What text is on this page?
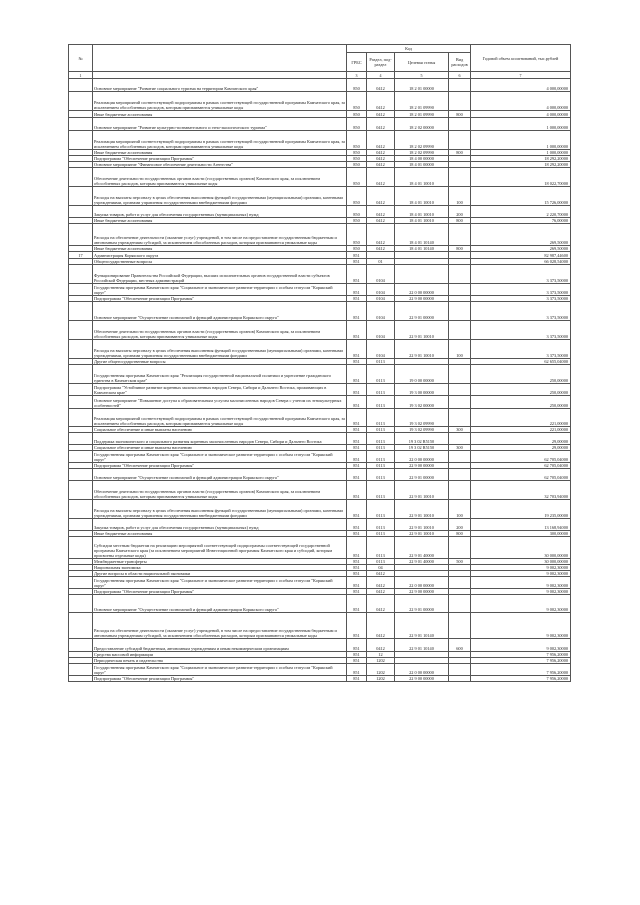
№		Код				Годовой объем ассигнований, тыс.рублей
		ГРБС	Раздел, под-раздел	Целевая статья	Вид расходов	
1		3	4	5	6	7
	Основное мероприятие "Развитие социального туризма на территории Камчатского края"	850	0412	18 2 01 00000		4 000,00000
	Реализация мероприятий соответствующей подпрограммы в рамках соответствующей государственной программы Камчатского края, за исключением обособленных расходов, которым присваиваются уникальные коды	850	0412	18 2 01 09990		4 000,00000
	Иные бюджетные ассигнования	850	0412	18 2 01 09990	800	4 000,00000
	Основное мероприятие "Развитие культурно-познавательного и этно-экологического туризма"	850	0412	18 2 02 00000		1 000,00000
	Реализация мероприятий соответствующей подпрограммы в рамках соответствующей государственной программы Камчатского края, за исключением обособленных расходов, которым присваиваются уникальные коды	850	0412	18 2 02 09990		1 000,00000
	Иные бюджетные ассигнования	850	0412	18 2 02 09990	800	1 000,00000
	Подпрограмма "Обеспечение реализации Программы"	850	0412	18 4 00 00000		18 292,20000
	Основное мероприятие "Финансовое обеспечение деятельности Агентства"	850	0412	18 4 01 00000		18 292,20000
	Обеспечение деятельности государственных органов власти (государственных органов) Камчатского края, за исключением обособленных расходов, которым присваиваются уникальные коды	850	0412	18 4 01 10010		18 022,70000
	Расходы на выплаты персоналу в целях обеспечения выполнения функций государственными (муниципальными) органами, казенными учреждениями, органами управления государственными внебюджетными фондами	850	0412	18 4 01 10010	100	15 726,00000
	Закупка товаров, работ и услуг для обеспечения государственных (муниципальных) нужд	850	0412	18 4 01 10010	200	2 220,70000
	Иные бюджетные ассигнования	850	0412	18 4 01 10010	800	76,00000
	Расходы на обеспечение деятельности (оказание услуг) учреждений, в том числе на предоставление государственным бюджетным и автономным учреждениям субсидий, за исключением обособленных расходов, которым присваиваются уникальные коды	850	0412	18 4 01 10140		269,50000
	Иные бюджетные ассигнования	850	0412	18 4 01 10140	800	269,50000
17	Администрация Корякского округа	851				82 987,44600
	Общегосударственные вопросы	851	01			66 028,54000
	Функционирование Правительства Российской Федерации, высших исполнительных органов государственной власти субъектов Российской Федерации, местных администраций	851	0104			3 373,50000
	Государственная программа Камчатского края "Социальное и экономическое развитие территории с особым статусом "Корякский округ"	851	0104	22 0 00 00000		3 373,50000
	Подпрограмма "Обеспечение реализации Программы"	851	0104	22 9 00 00000		3 373,50000
	Основное мероприятие "Осуществление полномочий и функций администрации Корякского округа"	851	0104	22 9 01 00000		3 373,50000
	Обеспечение деятельности государственных органов власти (государственных органов) Камчатского края, за исключением обособленных расходов, которым присваиваются уникальные коды	851	0104	22 9 01 10010		3 373,50000
	Расходы на выплаты персоналу в целях обеспечения выполнения функций государственными (муниципальными) органами, казенными учреждениями, органами управления государственными внебюджетными фондами	851	0104	22 9 01 10010	100	3 373,50000
	Другие общегосударственные вопросы	851	0113			62 655,04000
	Государственная программа Камчатского края "Реализация государственной национальной политики и укрепление гражданского единства в Камчатском крае"	851	0113	19 0 00 00000		250,00000
	Подпрограмма "Устойчивое развитие коренных малочисленных народов Севера, Сибири и Дальнего Востока, проживающих в Камчатском крае"	851	0113	19 3 00 00000		250,00000
	Основное мероприятие "Повышение доступа к образовательным услугам малочисленных народов Севера с учетом их этнокультурных особенностей"	851	0113	19 3 02 00000		250,00000
	Реализация мероприятий соответствующей подпрограммы в рамках соответствующей государственной программы Камчатского края, за исключением обособленных расходов, которым присваиваются уникальные коды	851	0113	19 3 02 09990		221,00000
	Социальное обеспечение и иные выплаты населению	851	0113	19 3 02 09990	300	221,00000
	Поддержка экономического и социального развития коренных малочисленных народов Севера, Сибири и Дальнего Востока	851	0113	19 3 02 R5150		29,00000
	Социальное обеспечение и иные выплаты населению	851	0113	19 3 02 R5150	300	29,00000
	Государственная программа Камчатского края "Социальное и экономическое развитие территории с особым статусом "Корякский округ"	851	0113	22 0 00 00000		62 705,04000
	Подпрограмма "Обеспечение реализации Программы"	851	0113	22 9 00 00000		62 705,04000
	Основное мероприятие "Осуществление полномочий и функций администрации Корякского округа"	851	0113	22 9 01 00000		62 705,04000
	Обеспечение деятельности государственных органов власти (государственных органов) Камчатского края, за исключением обособленных расходов, которым присваиваются уникальные коды	851	0113	22 9 01 10010		32 703,94000
	Расходы на выплаты персоналу в целях обеспечения выполнения функций государственными (муниципальными) органами, казенными учреждениями, органами управления государственными внебюджетными фондами	851	0113	22 9 01 10010	100	19 235,00000
	Закупка товаров, работ и услуг для обеспечения государственных (муниципальных) нужд	851	0113	22 9 01 10010	200	13 168,94000
	Иные бюджетные ассигнования	851	0113	22 9 01 10010	800	300,00000
	Субсидии местным бюджетам на реализацию мероприятий соответствующей подпрограммы соответствующей государственной программы Камчатского края (за исключением мероприятий Инвестиционной программы Камчатского края и субсидий, которым присвоены отдельные коды)	851	0113	22 9 01 40000		30 000,00000
	Межбюджетные трансферты	851	0113	22 9 01 40000	500	30 000,00000
	Национальная экономика	851	04			9 002,30000
	Другие вопросы в области национальной экономики	851	0412			9 002,30000
	Государственная программа Камчатского края "Социальное и экономическое развитие территории с особым статусом "Корякский округ"	851	0412	22 0 00 00000		9 002,30000
	Подпрограмма "Обеспечение реализации Программы"	851	0412	22 9 00 00000		9 002,30000
	Основное мероприятие "Осуществление полномочий и функций администрации Корякского округа"	851	0412	22 9 01 00000		9 002,30000
	Расходы на обеспечение деятельности (оказание услуг) учреждений, в том числе на предоставление государственным бюджетным и автономным учреждениям субсидий, за исключением обособленных расходов, которым присваиваются уникальные коды	851	0412	22 9 01 10140		9 002,30000
	Предоставление субсидий бюджетным, автономным учреждениям и иным некоммерческим организациям	851	0412	22 9 01 10140	600	9 002,30000
	Средства массовой информации	851	12			7 956,20000
	Периодическая печать и издательства	851	1202			7 956,20000
	Государственная программа Камчатского края "Социальное и экономическое развитие территории с особым статусом "Корякский округ"	851	1202	22 0 00 00000		7 956,20000
	Подпрограмма "Обеспечение реализации Программы"	851	1202	22 9 00 00000		7 956,20000
